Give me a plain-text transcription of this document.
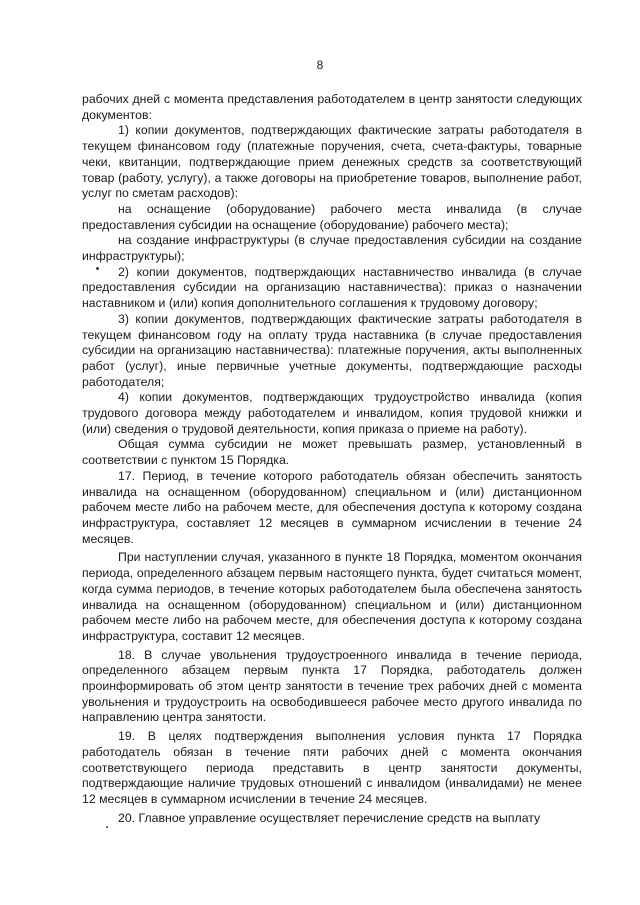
8

рабочих дней с момента представления работодателем в центр занятости следующих документов:

1) копии документов, подтверждающих фактические затраты работодателя в текущем финансовом году (платежные поручения, счета, счета-фактуры, товарные чеки, квитанции, подтверждающие прием денежных средств за соответствующий товар (работу, услугу), а также договоры на приобретение товаров, выполнение работ, услуг по сметам расходов):

на оснащение (оборудование) рабочего места инвалида (в случае предоставления субсидии на оснащение (оборудование) рабочего места);

на создание инфраструктуры (в случае предоставления субсидии на создание инфраструктуры);

2) копии документов, подтверждающих наставничество инвалида (в случае предоставления субсидии на организацию наставничества): приказ о назначении наставником и (или) копия дополнительного соглашения к трудовому договору;

3) копии документов, подтверждающих фактические затраты работодателя в текущем финансовом году на оплату труда наставника (в случае предоставления субсидии на организацию наставничества): платежные поручения, акты выполненных работ (услуг), иные первичные учетные документы, подтверждающие расходы работодателя;

4) копии документов, подтверждающих трудоустройство инвалида (копия трудового договора между работодателем и инвалидом, копия трудовой книжки и (или) сведения о трудовой деятельности, копия приказа о приеме на работу).

Общая сумма субсидии не может превышать размер, установленный в соответствии с пунктом 15 Порядка.

17. Период, в течение которого работодатель обязан обеспечить занятость инвалида на оснащенном (оборудованном) специальном и (или) дистанционном рабочем месте либо на рабочем месте, для обеспечения доступа к которому создана инфраструктура, составляет 12 месяцев в суммарном исчислении в течение 24 месяцев.

При наступлении случая, указанного в пункте 18 Порядка, моментом окончания периода, определенного абзацем первым настоящего пункта, будет считаться момент, когда сумма периодов, в течение которых работодателем была обеспечена занятость инвалида на оснащенном (оборудованном) специальном и (или) дистанционном рабочем месте либо на рабочем месте, для обеспечения доступа к которому создана инфраструктура, составит 12 месяцев.

18. В случае увольнения трудоустроенного инвалида в течение периода, определенного абзацем первым пункта 17 Порядка, работодатель должен проинформировать об этом центр занятости в течение трех рабочих дней с момента увольнения и трудоустроить на освободившееся рабочее место другого инвалида по направлению центра занятости.

19. В целях подтверждения выполнения условия пункта 17 Порядка работодатель обязан в течение пяти рабочих дней с момента окончания соответствующего периода представить в центр занятости документы, подтверждающие наличие трудовых отношений с инвалидом (инвалидами) не менее 12 месяцев в суммарном исчислении в течение 24 месяцев.

20. Главное управление осуществляет перечисление средств на выплату
